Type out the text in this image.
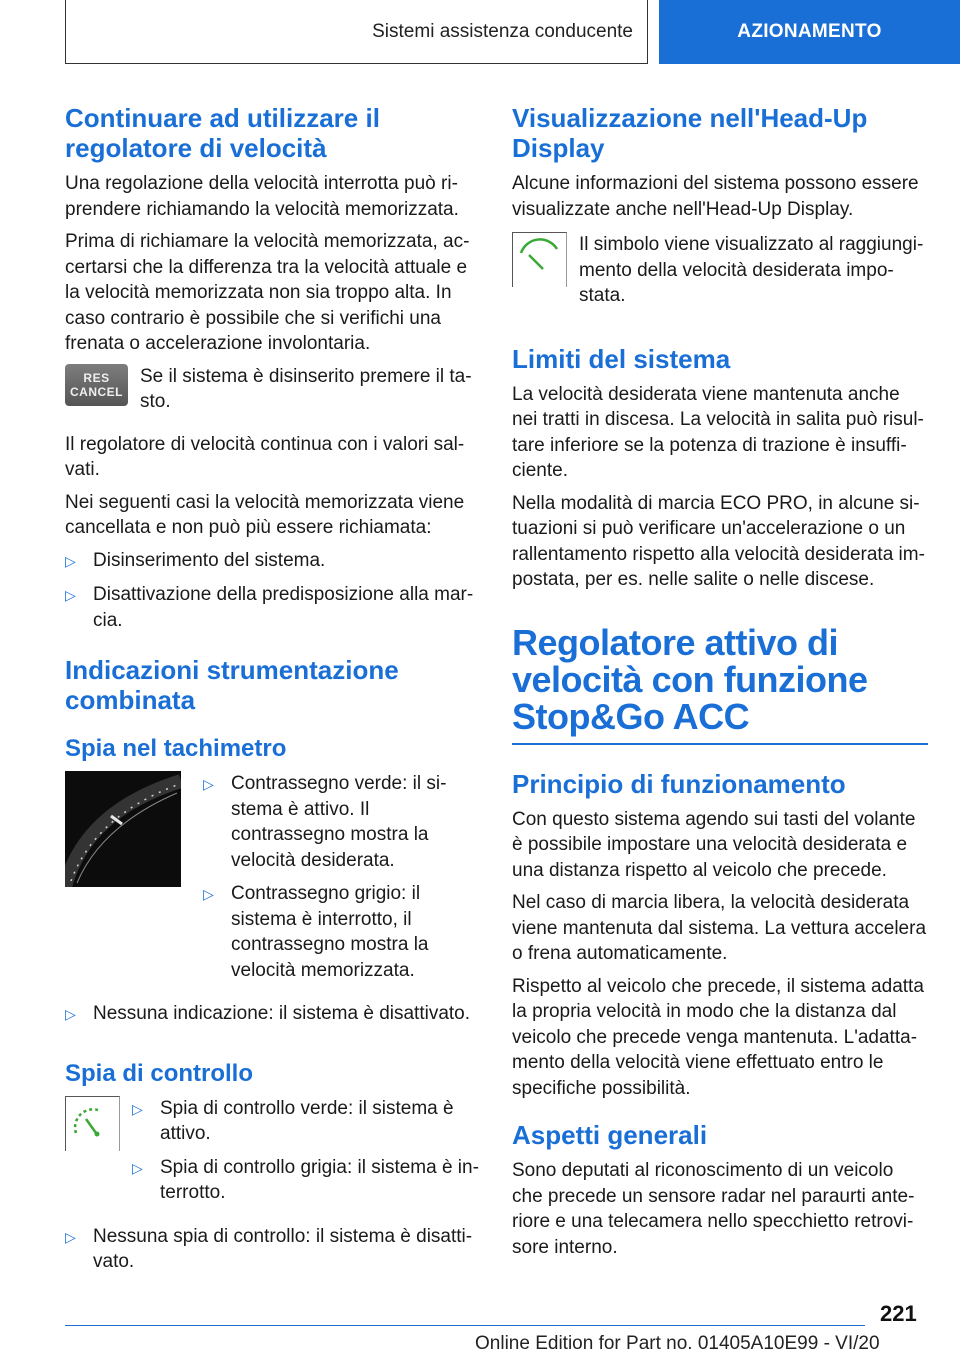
Sistemi assistenza conducente	AZIONAMENTO
Continuare ad utilizzare il regolatore di velocità

Una regolazione della velocità interrotta può riprendere richiamando la velocità memorizzata.

Prima di richiamare la velocità memorizzata, accertarsi che la differenza tra la velocità attuale e la velocità memorizzata non sia troppo alta. In caso contrario è possibile che si verifichi una frenata o accelerazione involontaria.

RES
CANCEL

Se il sistema è disinserito premere il tasto.

Il regolatore di velocità continua con i valori salvati.

Nei seguenti casi la velocità memorizzata viene cancellata e non può più essere richiamata:

▷ Disinserimento del sistema.
▷ Disattivazione della predisposizione alla marcia.
Indicazioni strumentazione combinata
Spia nel tachimetro
▷ Contrassegno verde: il sistema è attivo. Il contrassegno mostra la velocità desiderata.
▷ Contrassegno grigio: il sistema è interrotto, il contrassegno mostra la velocità memorizzata.
▷ Nessuna indicazione: il sistema è disattivato.
Spia di controllo
▷ Spia di controllo verde: il sistema è attivo.
▷ Spia di controllo grigia: il sistema è interrotto.
▷ Nessuna spia di controllo: il sistema è disattivato.
Visualizzazione nell'Head-Up Display

Alcune informazioni del sistema possono essere visualizzate anche nell'Head-Up Display.

Il simbolo viene visualizzato al raggiungimento della velocità desiderata impostata.

Limiti del sistema

La velocità desiderata viene mantenuta anche nei tratti in discesa. La velocità in salita può risultare inferiore se la potenza di trazione è insufficiente.

Nella modalità di marcia ECO PRO, in alcune situazioni si può verificare un'accelerazione o un rallentamento rispetto alla velocità desiderata impostata, per es. nelle salite o nelle discese.

Regolatore attivo di velocità con funzione Stop&Go ACC
Principio di funzionamento

Con questo sistema agendo sui tasti del volante è possibile impostare una velocità desiderata e una distanza rispetto al veicolo che precede.

Nel caso di marcia libera, la velocità desiderata viene mantenuta dal sistema. La vettura accelera o frena automaticamente.

Rispetto al veicolo che precede, il sistema adatta la propria velocità in modo che la distanza dal veicolo che precede venga mantenuta. L'adattamento della velocità viene effettuato entro le specifiche possibilità.

Aspetti generali

Sono deputati al riconoscimento di un veicolo che precede un sensore radar nel paraurti anteriore e una telecamera nello specchietto retrovisore interno.

221
Online Edition for Part no. 01405A10E99 - VI/20
